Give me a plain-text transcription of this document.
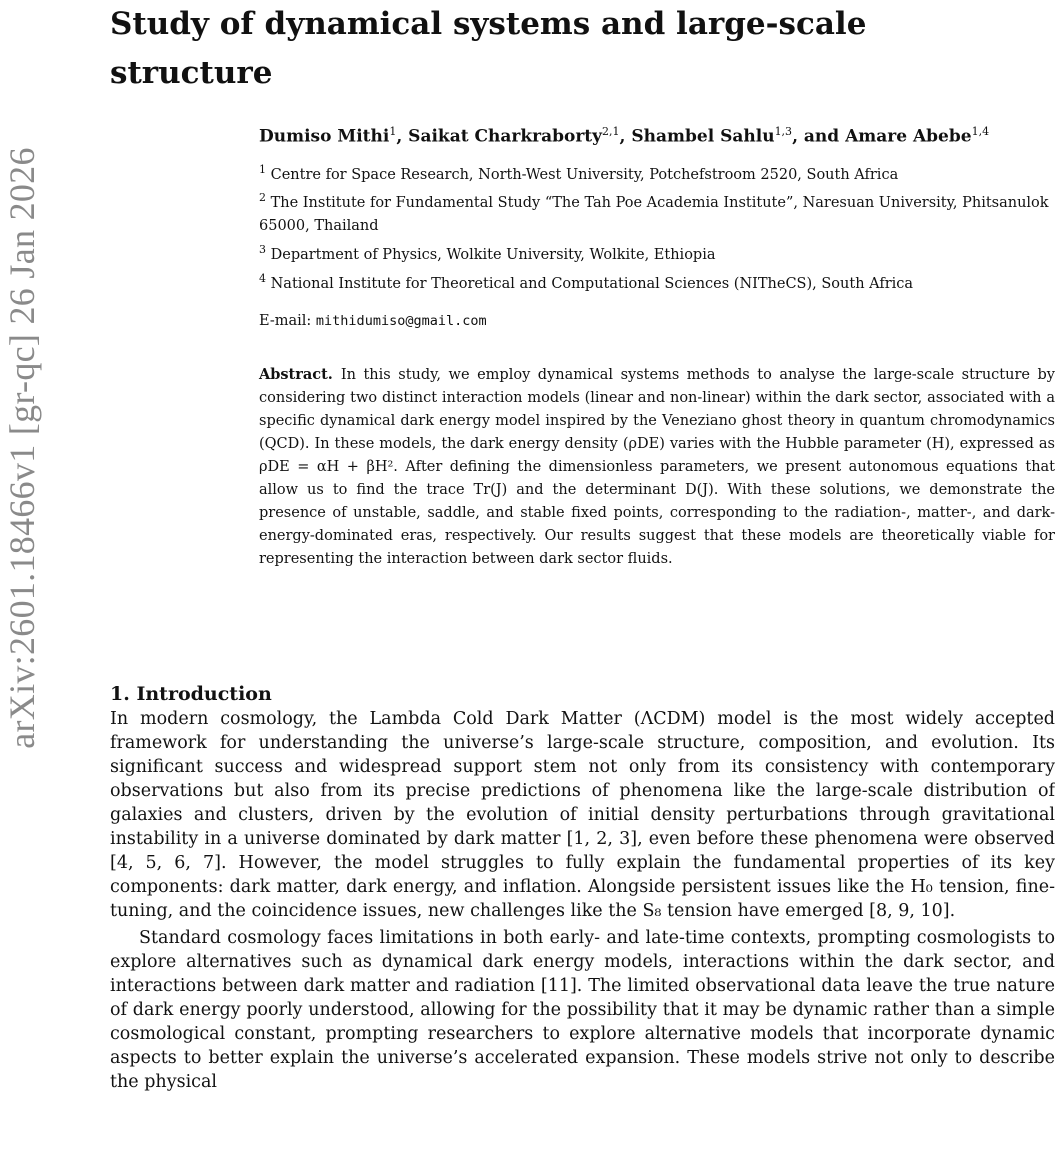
arXiv:2601.18466v1 [gr-qc] 26 Jan 2026
Study of dynamical systems and large-scale structure

Dumiso Mithi$^1$, Saikat Charkraborty$^{2,1}$, Shambel Sahlu$^{1,3}$, and Amare Abebe$^{1,4}$

$^1$ Centre for Space Research, North-West University, Potchefstroom 2520, South Africa

$^2$ The Institute for Fundamental Study “The Tah Poe Academia Institute”, Naresuan University, Phitsanulok 65000, Thailand

$^3$ Department of Physics, Wolkite University, Wolkite, Ethiopia

$^4$ National Institute for Theoretical and Computational Sciences (NITheCS), South Africa

E-mail: mithidumiso@gmail.com

Abstract. In this study, we employ dynamical systems methods to analyse the large-scale structure by considering two distinct interaction models (linear and non-linear) within the dark sector, associated with a specific dynamical dark energy model inspired by the Veneziano ghost theory in quantum chromodynamics (QCD). In these models, the dark energy density (ρDE) varies with the Hubble parameter (H), expressed as ρDE = αH + βH². After defining the dimensionless parameters, we present autonomous equations that allow us to find the trace Tr(J) and the determinant D(J). With these solutions, we demonstrate the presence of unstable, saddle, and stable fixed points, corresponding to the radiation-, matter-, and dark-energy-dominated eras, respectively. Our results suggest that these models are theoretically viable for representing the interaction between dark sector fluids.

1. Introduction

In modern cosmology, the Lambda Cold Dark Matter (ΛCDM) model is the most widely accepted framework for understanding the universe’s large-scale structure, composition, and evolution. Its significant success and widespread support stem not only from its consistency with contemporary observations but also from its precise predictions of phenomena like the large-scale distribution of galaxies and clusters, driven by the evolution of initial density perturbations through gravitational instability in a universe dominated by dark matter [1, 2, 3], even before these phenomena were observed [4, 5, 6, 7]. However, the model struggles to fully explain the fundamental properties of its key components: dark matter, dark energy, and inflation. Alongside persistent issues like the H₀ tension, fine-tuning, and the coincidence issues, new challenges like the S₈ tension have emerged [8, 9, 10].

Standard cosmology faces limitations in both early- and late-time contexts, prompting cosmologists to explore alternatives such as dynamical dark energy models, interactions within the dark sector, and interactions between dark matter and radiation [11]. The limited observational data leave the true nature of dark energy poorly understood, allowing for the possibility that it may be dynamic rather than a simple cosmological constant, prompting researchers to explore alternative models that incorporate dynamic aspects to better explain the universe’s accelerated expansion. These models strive not only to describe the physical
